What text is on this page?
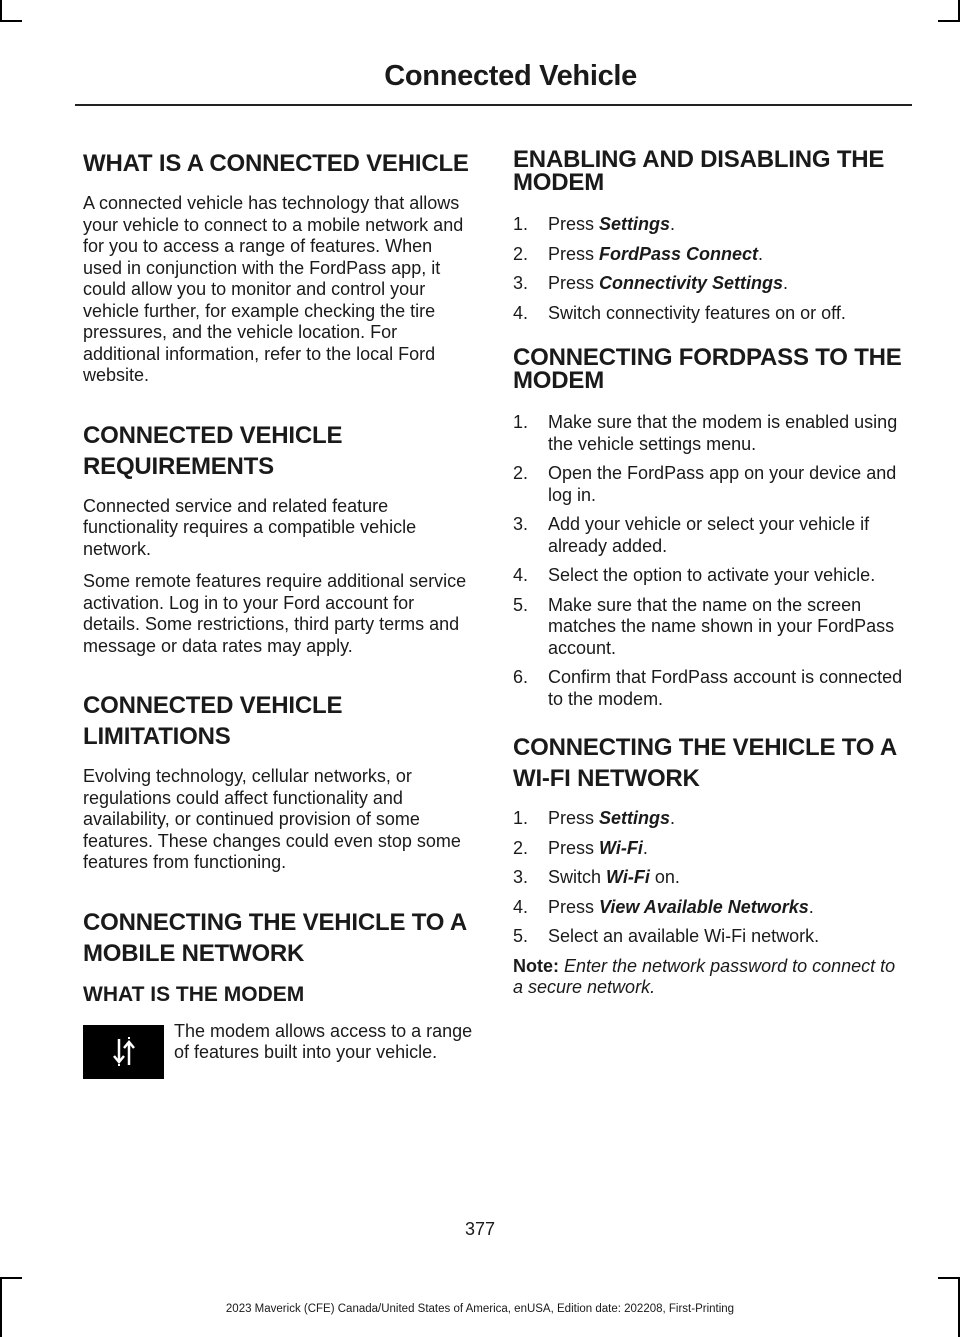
Connected Vehicle
WHAT IS A CONNECTED VEHICLE

A connected vehicle has technology that allows your vehicle to connect to a mobile network and for you to access a range of features. When used in conjunction with the FordPass app, it could allow you to monitor and control your vehicle further, for example checking the tire pressures, and the vehicle location. For additional information, refer to the local Ford website.

CONNECTED VEHICLE REQUIREMENTS

Connected service and related feature functionality requires a compatible vehicle network.

Some remote features require additional service activation. Log in to your Ford account for details. Some restrictions, third party terms and message or data rates may apply.

CONNECTED VEHICLE LIMITATIONS

Evolving technology, cellular networks, or regulations could affect functionality and availability, or continued provision of some features. These changes could even stop some features from functioning.

CONNECTING THE VEHICLE TO A MOBILE NETWORK
WHAT IS THE MODEM

The modem allows access to a range of features built into your vehicle.

ENABLING AND DISABLING THE MODEM
1. Press Settings.
2. Press FordPass Connect.
3. Press Connectivity Settings.
4. Switch connectivity features on or off.
CONNECTING FORDPASS TO THE MODEM
1. Make sure that the modem is enabled using the vehicle settings menu.
2. Open the FordPass app on your device and log in.
3. Add your vehicle or select your vehicle if already added.
4. Select the option to activate your vehicle.
5. Make sure that the name on the screen matches the name shown in your FordPass account.
6. Confirm that FordPass account is connected to the modem.
CONNECTING THE VEHICLE TO A WI-FI NETWORK
1. Press Settings.
2. Press Wi-Fi.
3. Switch Wi-Fi on.
4. Press View Available Networks.
5. Select an available Wi-Fi network.

Note: Enter the network password to connect to a secure network.

377
2023 Maverick (CFE) Canada/United States of America, enUSA, Edition date: 202208, First-Printing
